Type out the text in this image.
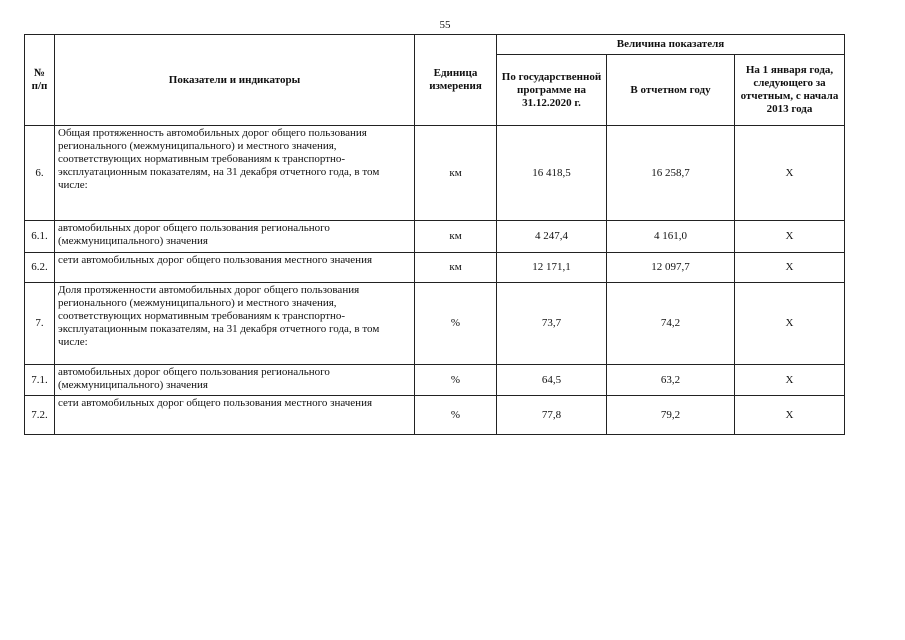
55
№ п/п	Показатели и индикаторы	Единица измерения	Величина показателя		
			По государственной программе на 31.12.2020 г.	В отчетном году	На 1 января года, следующего за отчетным, с начала 2013 года
6.	Общая протяженность автомобильных дорог общего пользования регионального (межмуниципального) и местного значения, соответствующих нормативным требованиям к транспортно-эксплуатационным показателям, на 31 декабря отчетного года, в том числе:	км	16 418,5	16 258,7	Х
6.1.	автомобильных дорог общего пользования регионального (межмуниципального) значения	км	4 247,4	4 161,0	Х
6.2.	сети автомобильных дорог общего пользования местного значения	км	12 171,1	12 097,7	Х
7.	Доля протяженности автомобильных дорог общего пользования регионального (межмуниципального) и местного значения, соответствующих нормативным требованиям к транспортно-эксплуатационным показателям, на 31 декабря отчетного года, в том числе:	%	73,7	74,2	Х
7.1.	автомобильных дорог общего пользования регионального (межмуниципального) значения	%	64,5	63,2	Х
7.2.	сети автомобильных дорог общего пользования местного значения	%	77,8	79,2	Х
